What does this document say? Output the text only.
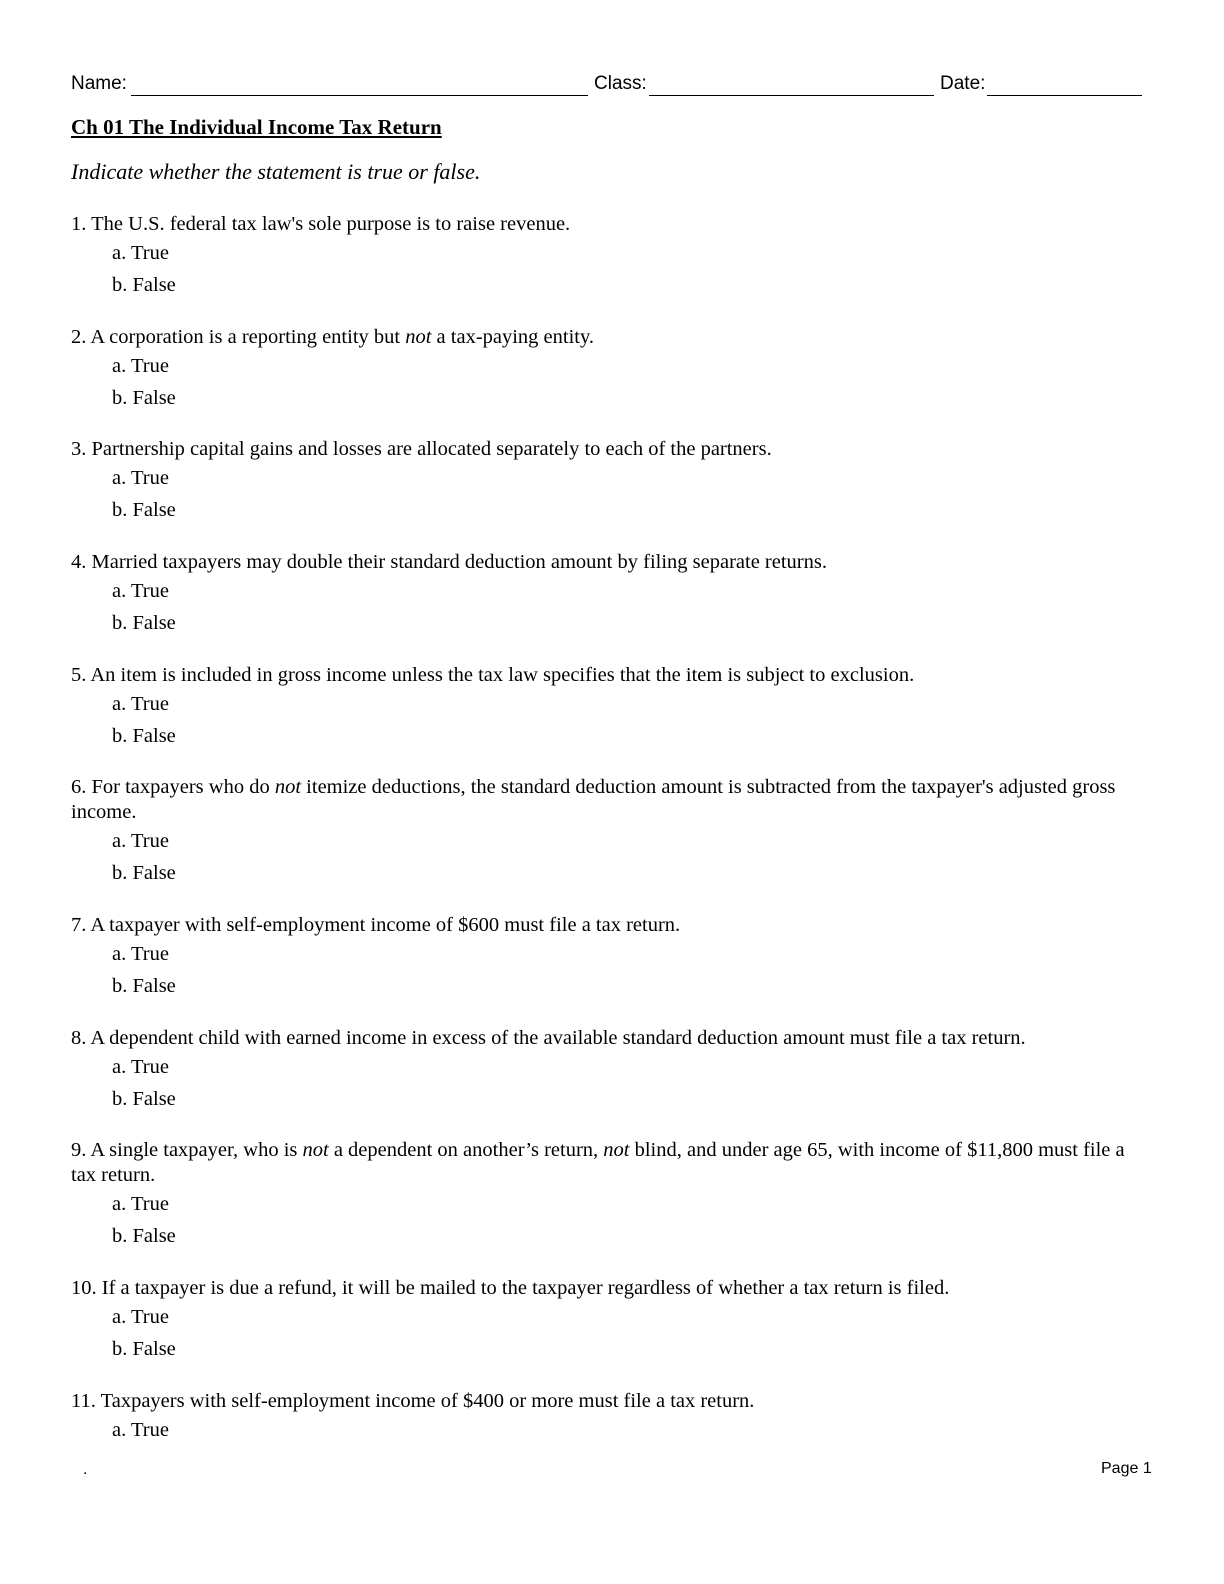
Name:	Class:	Date:
Ch 01 The Individual Income Tax Return
Indicate whether the statement is true or false.

1. The U.S. federal tax law's sole purpose is to raise revenue.

a. True
b. False

2. A corporation is a reporting entity but not a tax-paying entity.

a. True
b. False

3. Partnership capital gains and losses are allocated separately to each of the partners.

a. True
b. False

4. Married taxpayers may double their standard deduction amount by filing separate returns.

a. True
b. False

5. An item is included in gross income unless the tax law specifies that the item is subject to exclusion.

a. True
b. False

6. For taxpayers who do not itemize deductions, the standard deduction amount is subtracted from the taxpayer's adjusted gross income.

a. True
b. False

7. A taxpayer with self-employment income of $600 must file a tax return.

a. True
b. False

8. A dependent child with earned income in excess of the available standard deduction amount must file a tax return.

a. True
b. False

9. A single taxpayer, who is not a dependent on another’s return, not blind, and under age 65, with income of $11,800 must file a tax return.

a. True
b. False

10. If a taxpayer is due a refund, it will be mailed to the taxpayer regardless of whether a tax return is filed.

a. True
b. False

11. Taxpayers with self-employment income of $400 or more must file a tax return.

a. True
.	Page 1
